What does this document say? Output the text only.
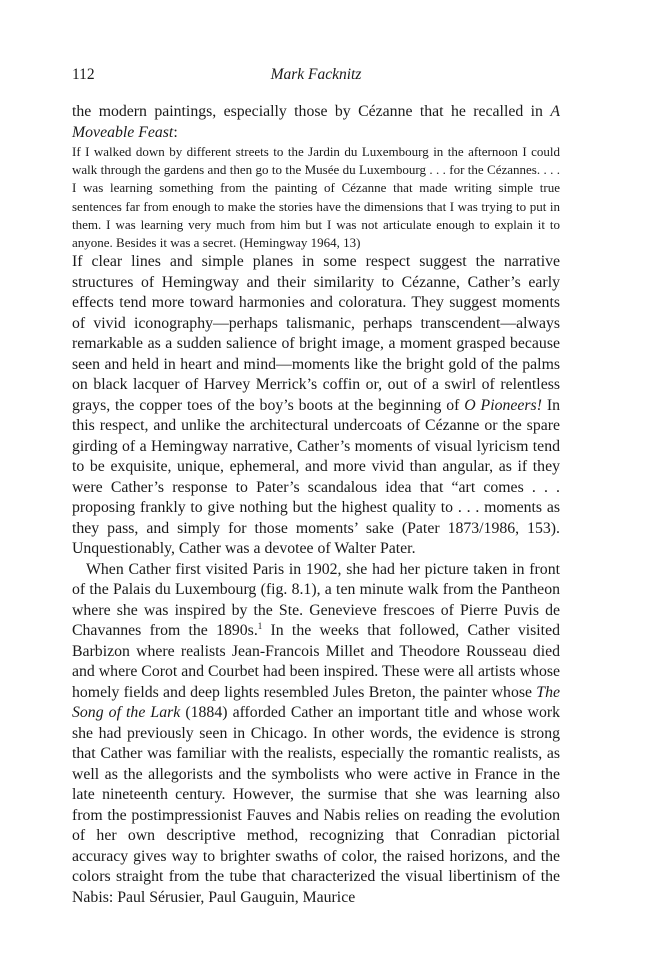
112	Mark Facknitz

the modern paintings, especially those by Cézanne that he recalled in A Moveable Feast:

If I walked down by different streets to the Jardin du Luxembourg in the afternoon I could walk through the gardens and then go to the Musée du Luxembourg . . . for the Cézannes. . . . I was learning something from the painting of Cézanne that made writing simple true sentences far from enough to make the stories have the dimensions that I was trying to put in them. I was learning very much from him but I was not articulate enough to explain it to anyone. Besides it was a secret. (Hemingway 1964, 13)

If clear lines and simple planes in some respect suggest the narrative structures of Hemingway and their similarity to Cézanne, Cather’s early effects tend more toward harmonies and coloratura. They suggest moments of vivid iconography—perhaps talismanic, perhaps transcendent—always remarkable as a sudden salience of bright image, a moment grasped because seen and held in heart and mind—moments like the bright gold of the palms on black lacquer of Harvey Merrick’s coffin or, out of a swirl of relentless grays, the copper toes of the boy’s boots at the beginning of O Pioneers! In this respect, and unlike the architectural undercoats of Cézanne or the spare girding of a Hemingway narrative, Cather’s moments of visual lyricism tend to be exquisite, unique, ephemeral, and more vivid than angular, as if they were Cather’s response to Pater’s scandalous idea that “art comes . . . proposing frankly to give nothing but the highest quality to . . . moments as they pass, and simply for those moments’ sake (Pater 1873/1986, 153). Unquestionably, Cather was a devotee of Walter Pater.

When Cather first visited Paris in 1902, she had her picture taken in front of the Palais du Luxembourg (fig. 8.1), a ten minute walk from the Pantheon where she was inspired by the Ste. Genevieve frescoes of Pierre Puvis de Chavannes from the 1890s.$^1$ In the weeks that followed, Cather visited Barbizon where realists Jean-Francois Millet and Theodore Rousseau died and where Corot and Courbet had been inspired. These were all artists whose homely fields and deep lights resembled Jules Breton, the painter whose The Song of the Lark (1884) afforded Cather an important title and whose work she had previously seen in Chicago. In other words, the evidence is strong that Cather was familiar with the realists, especially the romantic realists, as well as the allegorists and the symbolists who were active in France in the late nineteenth century. However, the surmise that she was learning also from the postimpressionist Fauves and Nabis relies on reading the evolution of her own descriptive method, recognizing that Conradian pictorial accuracy gives way to brighter swaths of color, the raised horizons, and the colors straight from the tube that characterized the visual libertinism of the Nabis: Paul Sérusier, Paul Gauguin, Maurice
